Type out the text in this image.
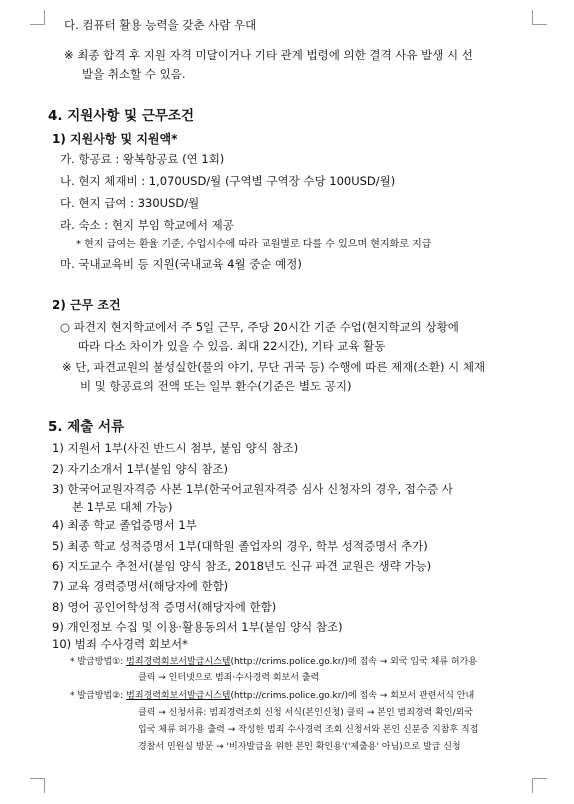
다. 컴퓨터 활용 능력을 갖춘 사람 우대
※ 최종 합격 후 지원 자격 미달이거나 기타 관계 법령에 의한 결격 사유 발생 시 선
발을 취소할 수 있음.
4. 지원사항 및 근무조건
1) 지원사항 및 지원액*
가. 항공료 : 왕복항공료 (연 1회)
나. 현지 체재비 : 1,070USD/월 (구역별 구역장 수당 100USD/월)
다. 현지 급여 : 330USD/월
라. 숙소 : 현지 부임 학교에서 제공
* 현지 급여는 환율 기준, 수업시수에 따라 교원별로 다를 수 있으며 현지화로 지급
마. 국내교육비 등 지원(국내교육 4월 중순 예정)
2) 근무 조건
○ 파견지 현지학교에서 주 5일 근무, 주당 20시간 기준 수업(현지학교의 상황에
따라 다소 차이가 있을 수 있음. 최대 22시간), 기타 교육 활동
※ 단, 파견교원의 불성실한(물의 야기, 무단 귀국 등) 수행에 따른 제재(소환) 시 체재
비 및 항공료의 전액 또는 일부 환수(기준은 별도 공지)
5. 제출 서류
1) 지원서 1부(사진 반드시 첨부, 붙임 양식 참조)
2) 자기소개서 1부(붙임 양식 참조)
3) 한국어교원자격증 사본 1부(한국어교원자격증 심사 신청자의 경우, 접수증 사
본 1부로 대체 가능)
4) 최종 학교 졸업증명서 1부
5) 최종 학교 성적증명서 1부(대학원 졸업자의 경우, 학부 성적증명서 추가)
6) 지도교수 추천서(붙임 양식 참조, 2018년도 신규 파견 교원은 생략 가능)
7) 교육 경력증명서(해당자에 한함)
8) 영어 공인어학성적 증명서(해당자에 한함)
9) 개인정보 수집 및 이용·활용동의서 1부(붙임 양식 참조)
10) 범죄 수사경력 회보서*
* 발급방법①: 범죄경력회보서발급시스템(http://crims.police.go.kr/)에 접속 → 외국 입국 체류 허가용
클릭 → 인터넷으로 범죄·수사경력 회보서 출력
* 발급방법②: 범죄경력회보서발급시스템(http://crims.police.go.kr/)에 접속 → 회보서 관련서식 안내
클릭 → 신청서류: 범죄경력조회 신청 서식(본인신청) 클릭 → 본인 범죄경력 확인/외국
입국 체류 허가용 출력 → 작성한 범죄 수사경력 조회 신청서와 본인 신분증 지참후 직접
경찰서 민원실 방문 → '비자발급을 위한 본인 확인용'('제출용' 아님)으로 발급 신청
